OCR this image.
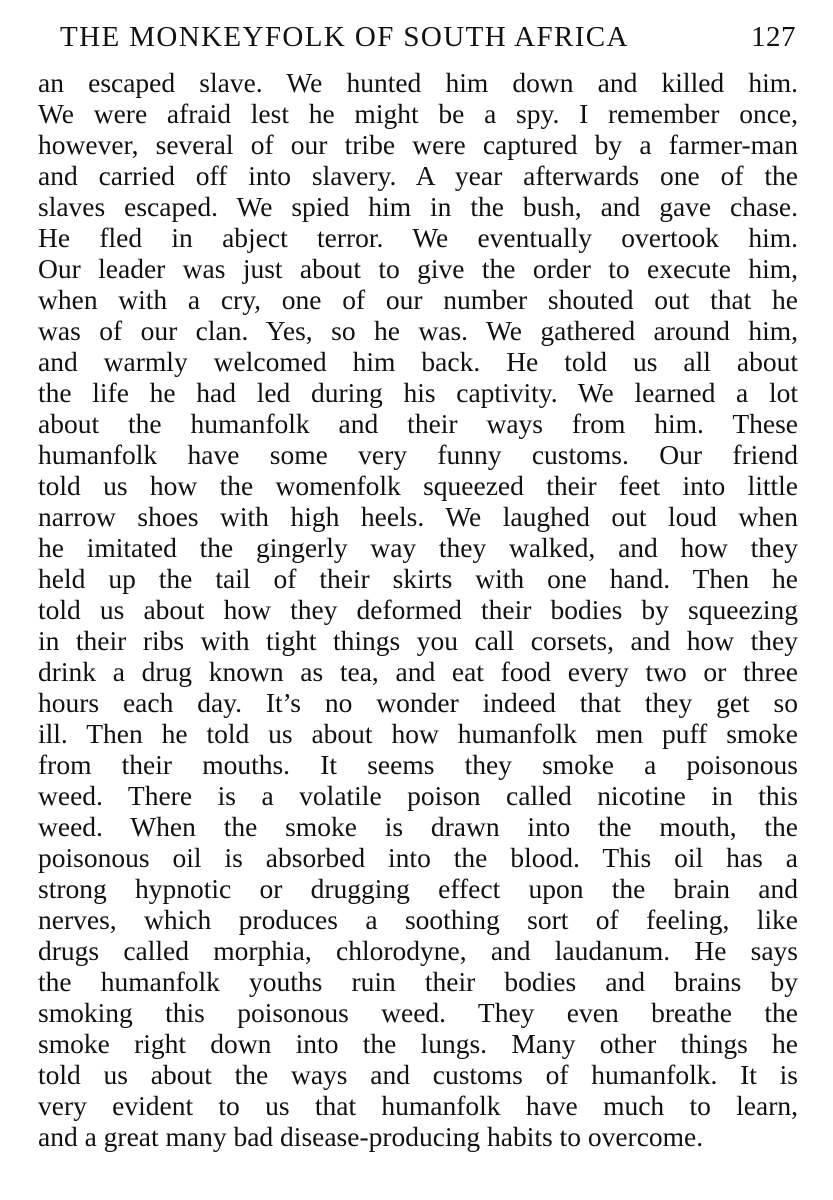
THE MONKEYFOLK OF SOUTH AFRICA	127
an escaped slave. We hunted him down and killed him.
We were afraid lest he might be a spy. I remember once,
however, several of our tribe were captured by a farmer-man
and carried off into slavery. A year afterwards one of the
slaves escaped. We spied him in the bush, and gave chase.
He fled in abject terror. We eventually overtook him.
Our leader was just about to give the order to execute him,
when with a cry, one of our number shouted out that he
was of our clan. Yes, so he was. We gathered around him,
and warmly welcomed him back. He told us all about
the life he had led during his captivity. We learned a lot
about the humanfolk and their ways from him. These
humanfolk have some very funny customs. Our friend
told us how the womenfolk squeezed their feet into little
narrow shoes with high heels. We laughed out loud when
he imitated the gingerly way they walked, and how they
held up the tail of their skirts with one hand. Then he
told us about how they deformed their bodies by squeezing
in their ribs with tight things you call corsets, and how they
drink a drug known as tea, and eat food every two or three
hours each day. It’s no wonder indeed that they get so
ill. Then he told us about how humanfolk men puff smoke
from their mouths. It seems they smoke a poisonous
weed. There is a volatile poison called nicotine in this
weed. When the smoke is drawn into the mouth, the
poisonous oil is absorbed into the blood. This oil has a
strong hypnotic or drugging effect upon the brain and
nerves, which produces a soothing sort of feeling, like
drugs called morphia, chlorodyne, and laudanum. He says
the humanfolk youths ruin their bodies and brains by
smoking this poisonous weed. They even breathe the
smoke right down into the lungs. Many other things he
told us about the ways and customs of humanfolk. It is
very evident to us that humanfolk have much to learn,
and a great many bad disease-producing habits to overcome.
